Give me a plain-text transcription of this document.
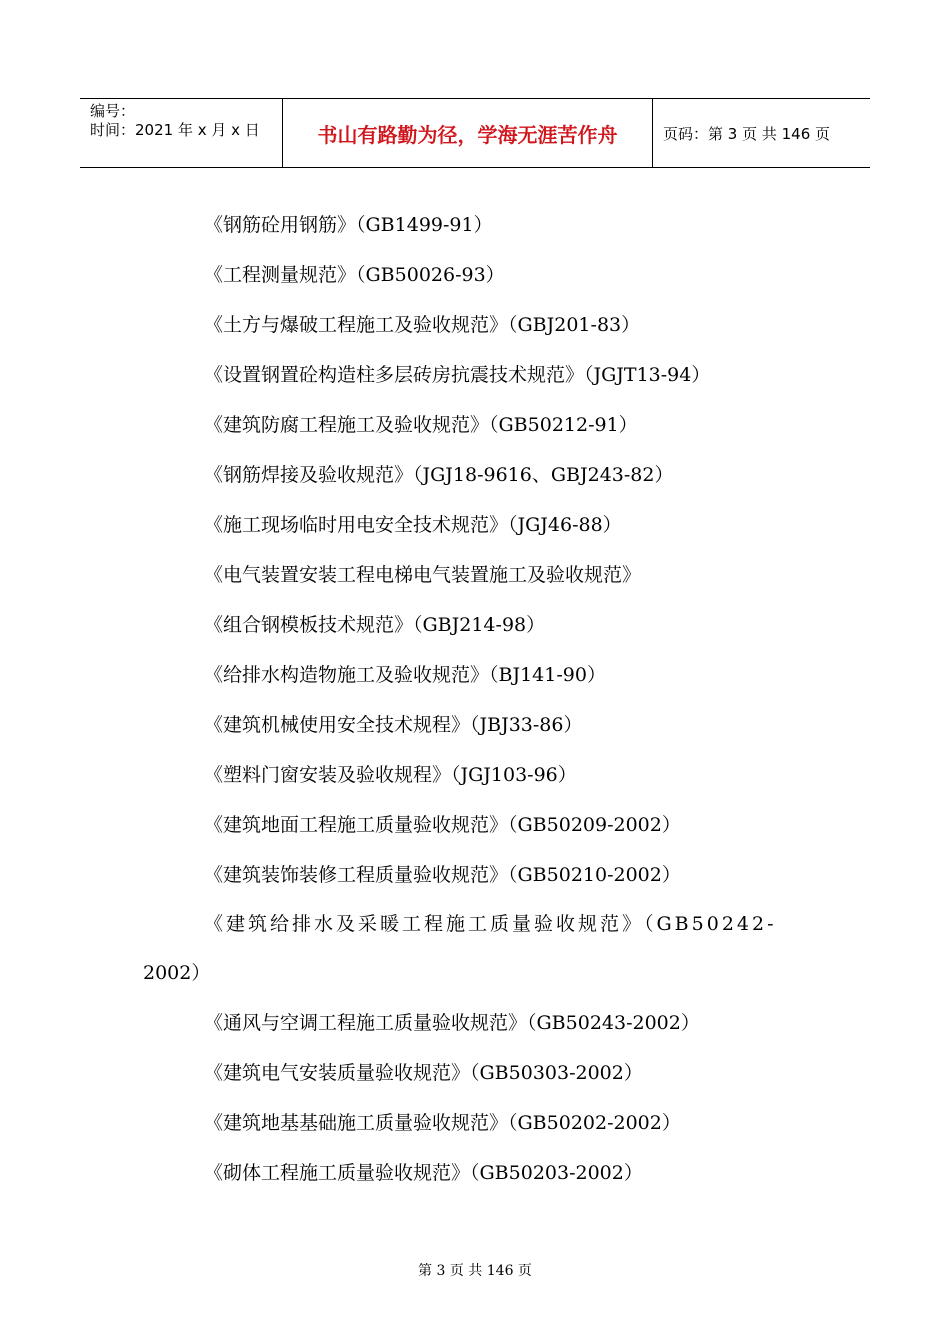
编号：
时间：2021 年 x 月 x 日	书山有路勤为径，学海无涯苦作舟	页码：第 3 页 共 146 页
《钢筋砼用钢筋》（GB1499-91）
《工程测量规范》（GB50026-93）
《土方与爆破工程施工及验收规范》（GBJ201-83）
《设置钢置砼构造柱多层砖房抗震技术规范》（JGJT13-94）
《建筑防腐工程施工及验收规范》（GB50212-91）
《钢筋焊接及验收规范》（JGJ18-9616、GBJ243-82）
《施工现场临时用电安全技术规范》（JGJ46-88）
《电气装置安装工程电梯电气装置施工及验收规范》
《组合钢模板技术规范》（GBJ214-98）
《给排水构造物施工及验收规范》（BJ141-90）
《建筑机械使用安全技术规程》（JBJ33-86）
《塑料门窗安装及验收规程》（JGJ103-96）
《建筑地面工程施工质量验收规范》（GB50209-2002）
《建筑装饰装修工程质量验收规范》（GB50210-2002）
《建筑给排水及采暖工程施工质量验收规范》（GB50242-
2002）
《通风与空调工程施工质量验收规范》（GB50243-2002）
《建筑电气安装质量验收规范》（GB50303-2002）
《建筑地基基础施工质量验收规范》（GB50202-2002）
《砌体工程施工质量验收规范》（GB50203-2002）
第 3 页 共 146 页
